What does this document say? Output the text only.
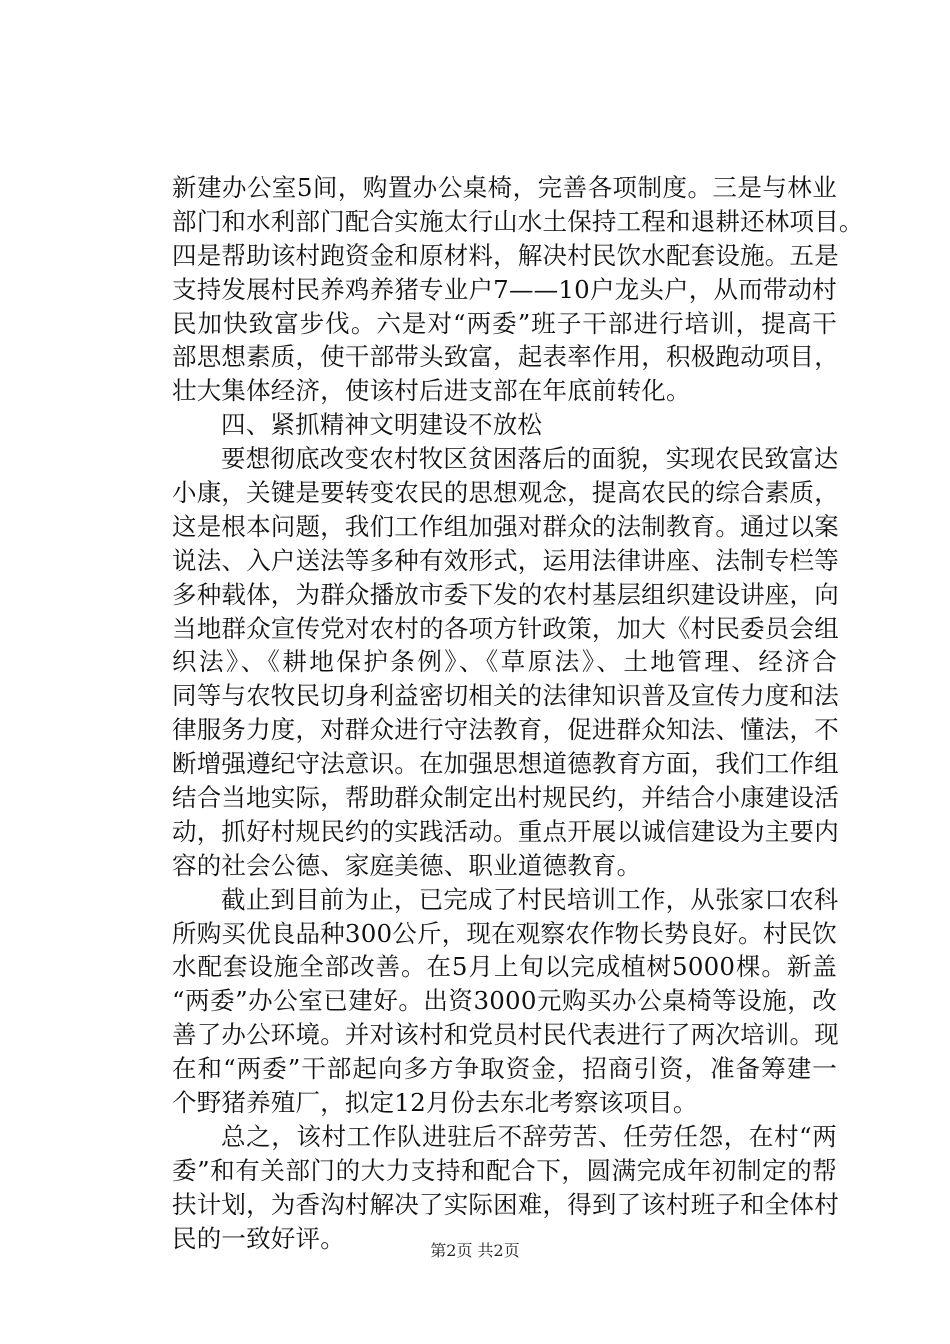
新建办公室5间，购置办公桌椅，完善各项制度。三是与林业
部门和水利部门配合实施太行山水土保持工程和退耕还林项目。
四是帮助该村跑资金和原材料，解决村民饮水配套设施。五是
支持发展村民养鸡养猪专业户7——10户龙头户，从而带动村
民加快致富步伐。六是对“两委”班子干部进行培训，提高干
部思想素质，使干部带头致富，起表率作用，积极跑动项目，
壮大集体经济，使该村后进支部在年底前转化。
四、紧抓精神文明建设不放松
要想彻底改变农村牧区贫困落后的面貌，实现农民致富达
小康，关键是要转变农民的思想观念，提高农民的综合素质，
这是根本问题，我们工作组加强对群众的法制教育。通过以案
说法、入户送法等多种有效形式，运用法律讲座、法制专栏等
多种载体，为群众播放市委下发的农村基层组织建设讲座，向
当地群众宣传党对农村的各项方针政策，加大《村民委员会组
织法》、《耕地保护条例》、《草原法》、土地管理、经济合
同等与农牧民切身利益密切相关的法律知识普及宣传力度和法
律服务力度，对群众进行守法教育，促进群众知法、懂法，不
断增强遵纪守法意识。在加强思想道德教育方面，我们工作组
结合当地实际，帮助群众制定出村规民约，并结合小康建设活
动，抓好村规民约的实践活动。重点开展以诚信建设为主要内
容的社会公德、家庭美德、职业道德教育。
截止到目前为止，已完成了村民培训工作，从张家口农科
所购买优良品种300公斤，现在观察农作物长势良好。村民饮
水配套设施全部改善。在5月上旬以完成植树5000棵。新盖
“两委”办公室已建好。出资3000元购买办公桌椅等设施，改
善了办公环境。并对该村和党员村民代表进行了两次培训。现
在和“两委”干部起向多方争取资金，招商引资，准备筹建一
个野猪养殖厂，拟定12月份去东北考察该项目。
总之，该村工作队进驻后不辞劳苦、任劳任怨，在村“两
委”和有关部门的大力支持和配合下，圆满完成年初制定的帮
扶计划，为香沟村解决了实际困难，得到了该村班子和全体村
民的一致好评。	第2页 共2页
